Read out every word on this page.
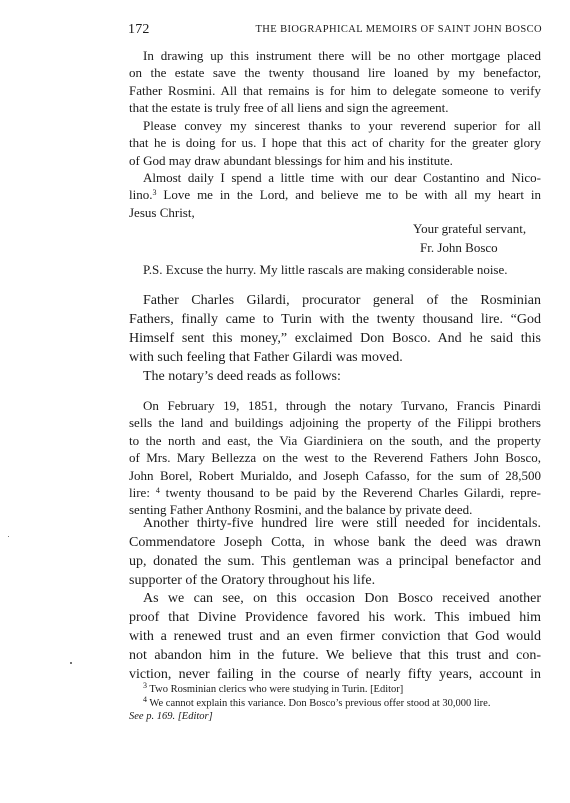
172	THE BIOGRAPHICAL MEMOIRS OF SAINT JOHN BOSCO
In drawing up this instrument there will be no other mortgage placed
on the estate save the twenty thousand lire loaned by my benefactor,
Father Rosmini. All that remains is for him to delegate someone to verify
that the estate is truly free of all liens and sign the agreement.
Please convey my sincerest thanks to your reverend superior for all
that he is doing for us. I hope that this act of charity for the greater glory
of God may draw abundant blessings for him and his institute.
Almost daily I spend a little time with our dear Costantino and Nico-
lino.$^3$ Love me in the Lord, and believe me to be with all my heart in
Jesus Christ,
Your grateful servant,
Fr. John Bosco
P.S. Excuse the hurry. My little rascals are making considerable noise.
Father Charles Gilardi, procurator general of the Rosminian
Fathers, finally came to Turin with the twenty thousand lire. “God
Himself sent this money,” exclaimed Don Bosco. And he said this
with such feeling that Father Gilardi was moved.
The notary’s deed reads as follows:
On February 19, 1851, through the notary Turvano, Francis Pinardi
sells the land and buildings adjoining the property of the Filippi brothers
to the north and east, the Via Giardiniera on the south, and the property
of Mrs. Mary Bellezza on the west to the Reverend Fathers John Bosco,
John Borel, Robert Murialdo, and Joseph Cafasso, for the sum of 28,500
lire: $^4$ twenty thousand to be paid by the Reverend Charles Gilardi, repre-
senting Father Anthony Rosmini, and the balance by private deed.
Another thirty-five hundred lire were still needed for incidentals.
Commendatore Joseph Cotta, in whose bank the deed was drawn
up, donated the sum. This gentleman was a principal benefactor and
supporter of the Oratory throughout his life.
As we can see, on this occasion Don Bosco received another
proof that Divine Providence favored his work. This imbued him
with a renewed trust and an even firmer conviction that God would
not abandon him in the future. We believe that this trust and con-
viction, never failing in the course of nearly fifty years, account in
$^3$ Two Rosminian clerics who were studying in Turin. [Editor]
$^4$ We cannot explain this variance. Don Bosco’s previous offer stood at 30,000 lire.
See p. 169. [Editor]
